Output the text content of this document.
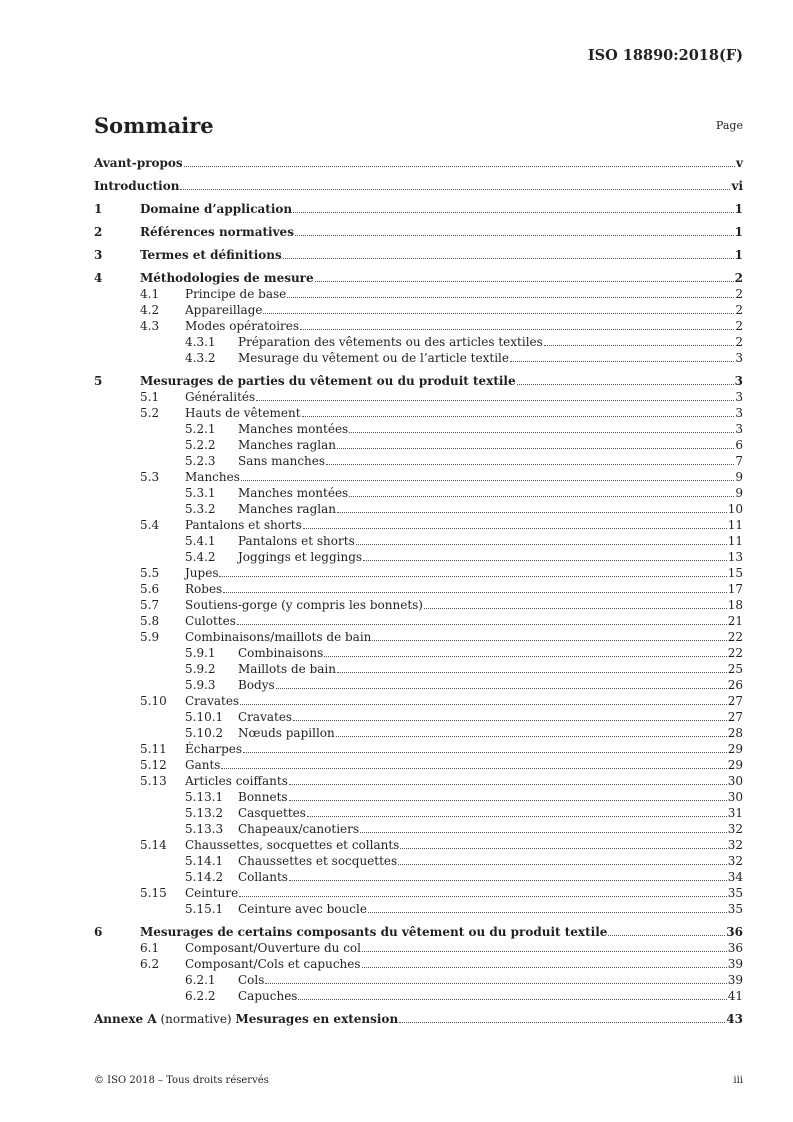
ISO 18890:2018(F)
Sommaire	Page
Avant-propos	v
Introduction	vi
1	Domaine d’application	1
2	Références normatives	1
3	Termes et définitions	1
4	Méthodologies de mesure	2
4.1 Principe de base	2
4.2 Appareillage	2
4.3 Modes opératoires	2
4.3.1 Préparation des vêtements ou des articles textiles	2
4.3.2 Mesurage du vêtement ou de l’article textile	3
5	Mesurages de parties du vêtement ou du produit textile	3
5.1 Généralités	3
5.2 Hauts de vêtement	3
5.2.1 Manches montées	3
5.2.2 Manches raglan	6
5.2.3 Sans manches	7
5.3 Manches	9
5.3.1 Manches montées	9
5.3.2 Manches raglan	10
5.4 Pantalons et shorts	11
5.4.1 Pantalons et shorts	11
5.4.2 Joggings et leggings	13
5.5 Jupes	15
5.6 Robes	17
5.7 Soutiens-gorge (y compris les bonnets)	18
5.8 Culottes	21
5.9 Combinaisons/maillots de bain	22
5.9.1 Combinaisons	22
5.9.2 Maillots de bain	25
5.9.3 Bodys	26
5.10 Cravates	27
5.10.1 Cravates	27
5.10.2 Nœuds papillon	28
5.11 Écharpes	29
5.12 Gants	29
5.13 Articles coiffants	30
5.13.1 Bonnets	30
5.13.2 Casquettes	31
5.13.3 Chapeaux/canotiers	32
5.14 Chaussettes, socquettes et collants	32
5.14.1 Chaussettes et socquettes	32
5.14.2 Collants	34
5.15 Ceinture	35
5.15.1 Ceinture avec boucle	35
6	Mesurages de certains composants du vêtement ou du produit textile	36
6.1 Composant/Ouverture du col	36
6.2 Composant/Cols et capuches	39
6.2.1 Cols	39
6.2.2 Capuches	41
Annexe A (normative) Mesurages en extension	43
© ISO 2018 – Tous droits réservés	iii
